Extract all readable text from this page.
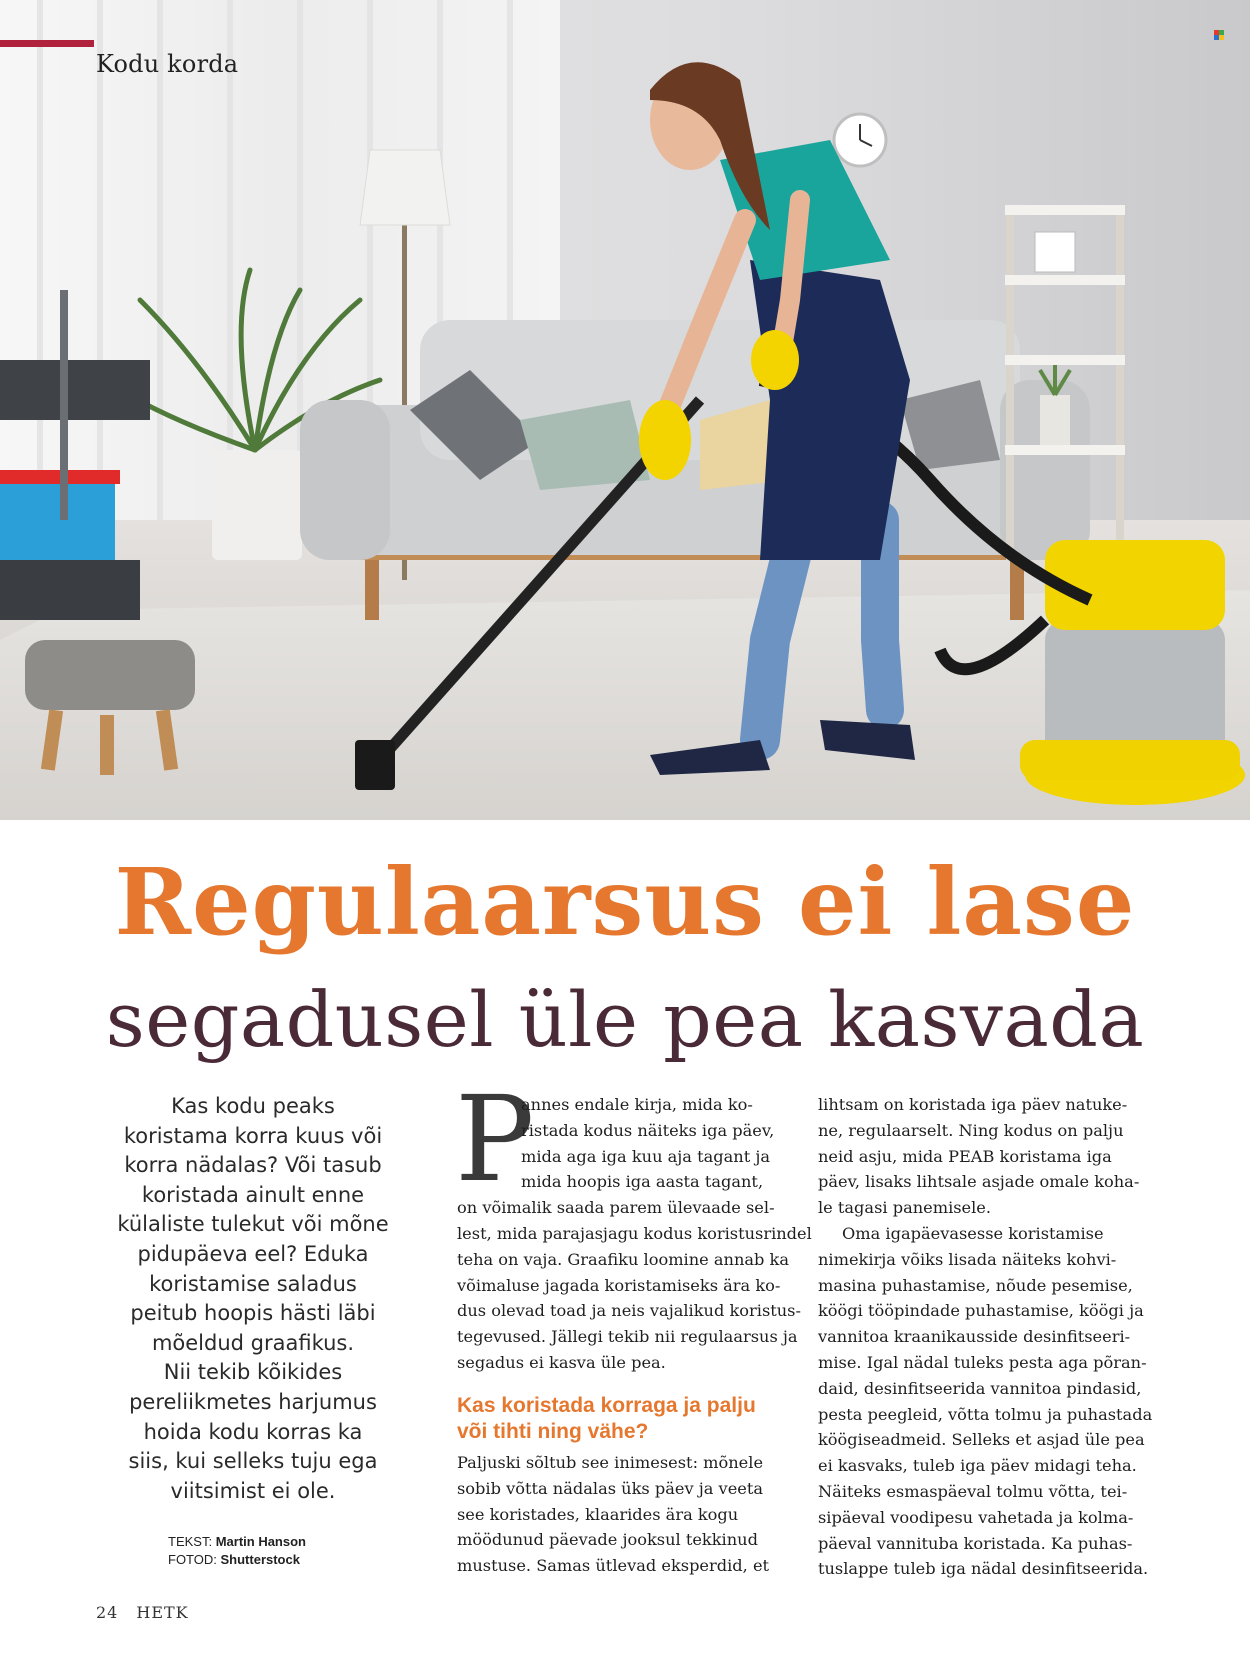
Kodu korda
Regulaarsus ei lase
segadusel üle pea kasvada
Kas kodu peaks
koristama korra kuus või
korra nädalas? Või tasub
koristada ainult enne
külaliste tulekut või mõne
pidupäeva eel? Eduka
koristamise saladus
peitub hoopis hästi läbi
mõeldud graafikus.
Nii tekib kõikides
pereliikmetes harjumus
hoida kodu korras ka
siis, kui selleks tuju ega
viitsimist ei ole.
TEKST: Martin Hanson
FOTOD: Shutterstock
P
annes endale kirja, mida ko-
ristada kodus näiteks iga päev,
mida aga iga kuu aja tagant ja
mida hoopis iga aasta tagant,
on võimalik saada parem ülevaade sel-
lest, mida parajasjagu kodus koristusrindel
teha on vaja. Graafiku loomine annab ka
võimaluse jagada koristamiseks ära ko-
dus olevad toad ja neis vajalikud koristus-
tegevused. Jällegi tekib nii regulaarsus ja
segadus ei kasva üle pea.
Kas koristada korraga ja palju või tihti ning vähe?
Paljuski sõltub see inimesest: mõnele
sobib võtta nädalas üks päev ja veeta
see koristades, klaarides ära kogu
möödunud päevade jooksul tekkinud
mustuse. Samas ütlevad eksperdid, et
lihtsam on koristada iga päev natuke-
ne, regulaarselt. Ning kodus on palju
neid asju, mida PEAB koristama iga
päev, lisaks lihtsale asjade omale koha-
le tagasi panemisele.
Oma igapäevasesse koristamise
nimekirja võiks lisada näiteks kohvi-
masina puhastamise, nõude pesemise,
köögi tööpindade puhastamise, köögi ja
vannitoa kraanikausside desinfitseeri-
mise. Igal nädal tuleks pesta aga põran-
daid, desinfitseerida vannitoa pindasid,
pesta peegleid, võtta tolmu ja puhastada
köögiseadmeid. Selleks et asjad üle pea
ei kasvaks, tuleb iga päev midagi teha.
Näiteks esmaspäeval tolmu võtta, tei-
sipäeval voodipesu vahetada ja kolma-
päeval vannituba koristada. Ka puhas-
tuslappe tuleb iga nädal desinfitseerida.
24 HETK
